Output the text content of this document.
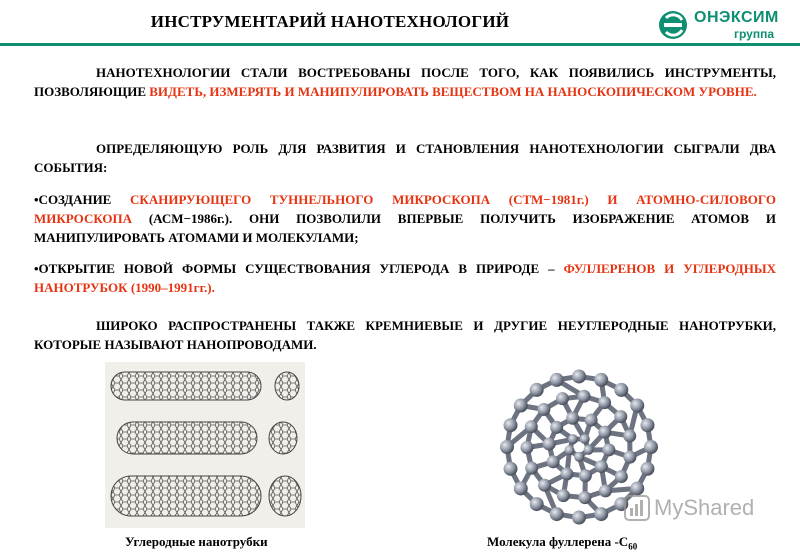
ИНСТРУМЕНТАРИЙ НАНОТЕХНОЛОГИЙ	ОНЭКСИМ
группа
НАНОТЕХНОЛОГИИ СТАЛИ ВОСТРЕБОВАНЫ ПОСЛЕ ТОГО, КАК ПОЯВИЛИСЬ ИНСТРУМЕНТЫ, ПОЗВОЛЯЮЩИЕ ВИДЕТЬ, ИЗМЕРЯТЬ И МАНИПУЛИРОВАТЬ ВЕЩЕСТВОМ НА НАНОСКОПИЧЕСКОМ УРОВНЕ.
ОПРЕДЕЛЯЮЩУЮ РОЛЬ ДЛЯ РАЗВИТИЯ И СТАНОВЛЕНИЯ НАНОТЕХНОЛОГИИ СЫГРАЛИ ДВА СОБЫТИЯ:
•СОЗДАНИЕ СКАНИРУЮЩЕГО ТУННЕЛЬНОГО МИКРОСКОПА (СТМ−1981г.) И АТОМНО-СИЛОВОГО МИКРОСКОПА (АСМ−1986г.). ОНИ ПОЗВОЛИЛИ ВПЕРВЫЕ ПОЛУЧИТЬ ИЗОБРАЖЕНИЕ АТОМОВ И МАНИПУЛИРОВАТЬ АТОМАМИ И МОЛЕКУЛАМИ;
•ОТКРЫТИЕ НОВОЙ ФОРМЫ СУЩЕСТВОВАНИЯ УГЛЕРОДА В ПРИРОДЕ – ФУЛЛЕРЕНОВ И УГЛЕРОДНЫХ НАНОТРУБОК (1990–1991гг.).
ШИРОКО РАСПРОСТРАНЕНЫ ТАКЖЕ КРЕМНИЕВЫЕ И ДРУГИЕ НЕУГЛЕРОДНЫЕ НАНОТРУБКИ, КОТОРЫЕ НАЗЫВАЮТ НАНОПРОВОДАМИ.
Углеродные нанотрубки	Молекула фуллерена $-С_{60}$
MyShared
